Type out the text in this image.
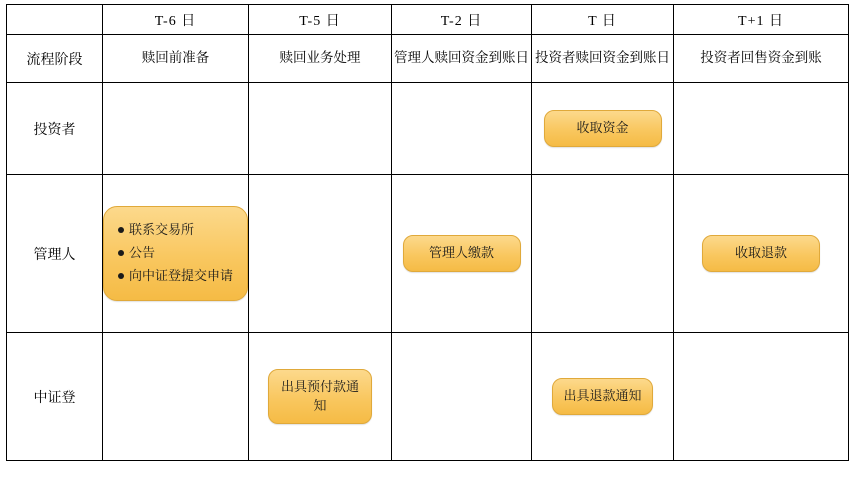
	T-6 日	T-5 日	T-2 日	T 日	T+1 日
流程阶段	赎回前准备	赎回业务处理	管理人赎回资金到账日	投资者赎回资金到账日	投资者回售资金到账
投资者				收取资金	

管理人	联系交易所
公告
向中证登提交申请		管理人缴款		收取退款

中证登		出具预付款通知		出具退款通知	
